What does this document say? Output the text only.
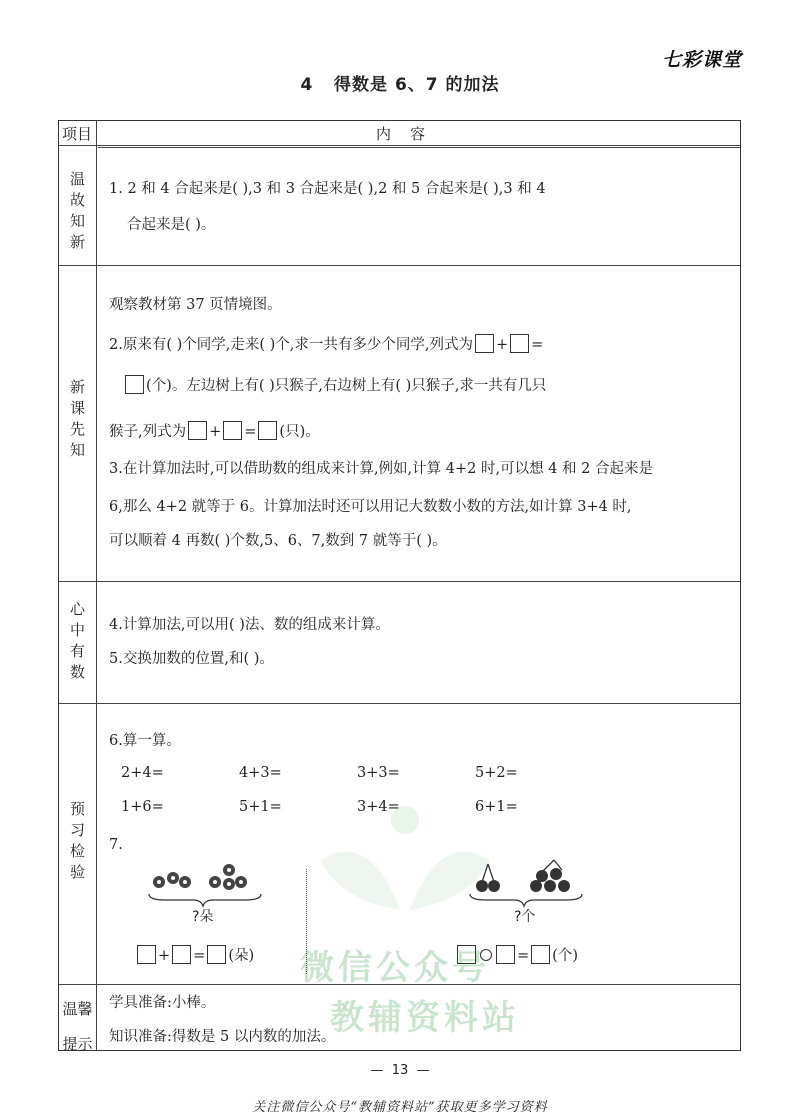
七彩课堂
4   得数是 6、7 的加法
微信公众号
教辅资料站
项目	内    容
温
故
知
新
1. 2 和 4 合起来是( ),3 和 3 合起来是( ),2 和 5 合起来是( ),3 和 4
合起来是( )。
新
课
先
知
观察教材第 37 页情境图。
2.原来有( )个同学,走来( )个,求一共有多少个同学,列式为 + =
(个)。左边树上有( )只猴子,右边树上有( )只猴子,求一共有几只
猴子,列式为 + = (只)。
3.在计算加法时,可以借助数的组成来计算,例如,计算 4+2 时,可以想 4 和 2 合起来是
6,那么 4+2 就等于 6。计算加法时还可以用记大数数小数的方法,如计算 3+4 时,
可以顺着 4 再数( )个数,5、6、7,数到 7 就等于( )。
心
中
有
数
4.计算加法,可以用( )法、数的组成来计算。
5.交换加数的位置,和( )。
预
习
检
验
6.算一算。
2+4=	4+3=	3+3=	5+2=
1+6=	5+1=	3+4=	6+1=
7.
?朵	?个
+ = (朵)	= (个)
温馨
提示
学具准备:小棒。
知识准备:得数是 5 以内数的加法。
—  13  —
关注微信公众号“教辅资料站”获取更多学习资料
